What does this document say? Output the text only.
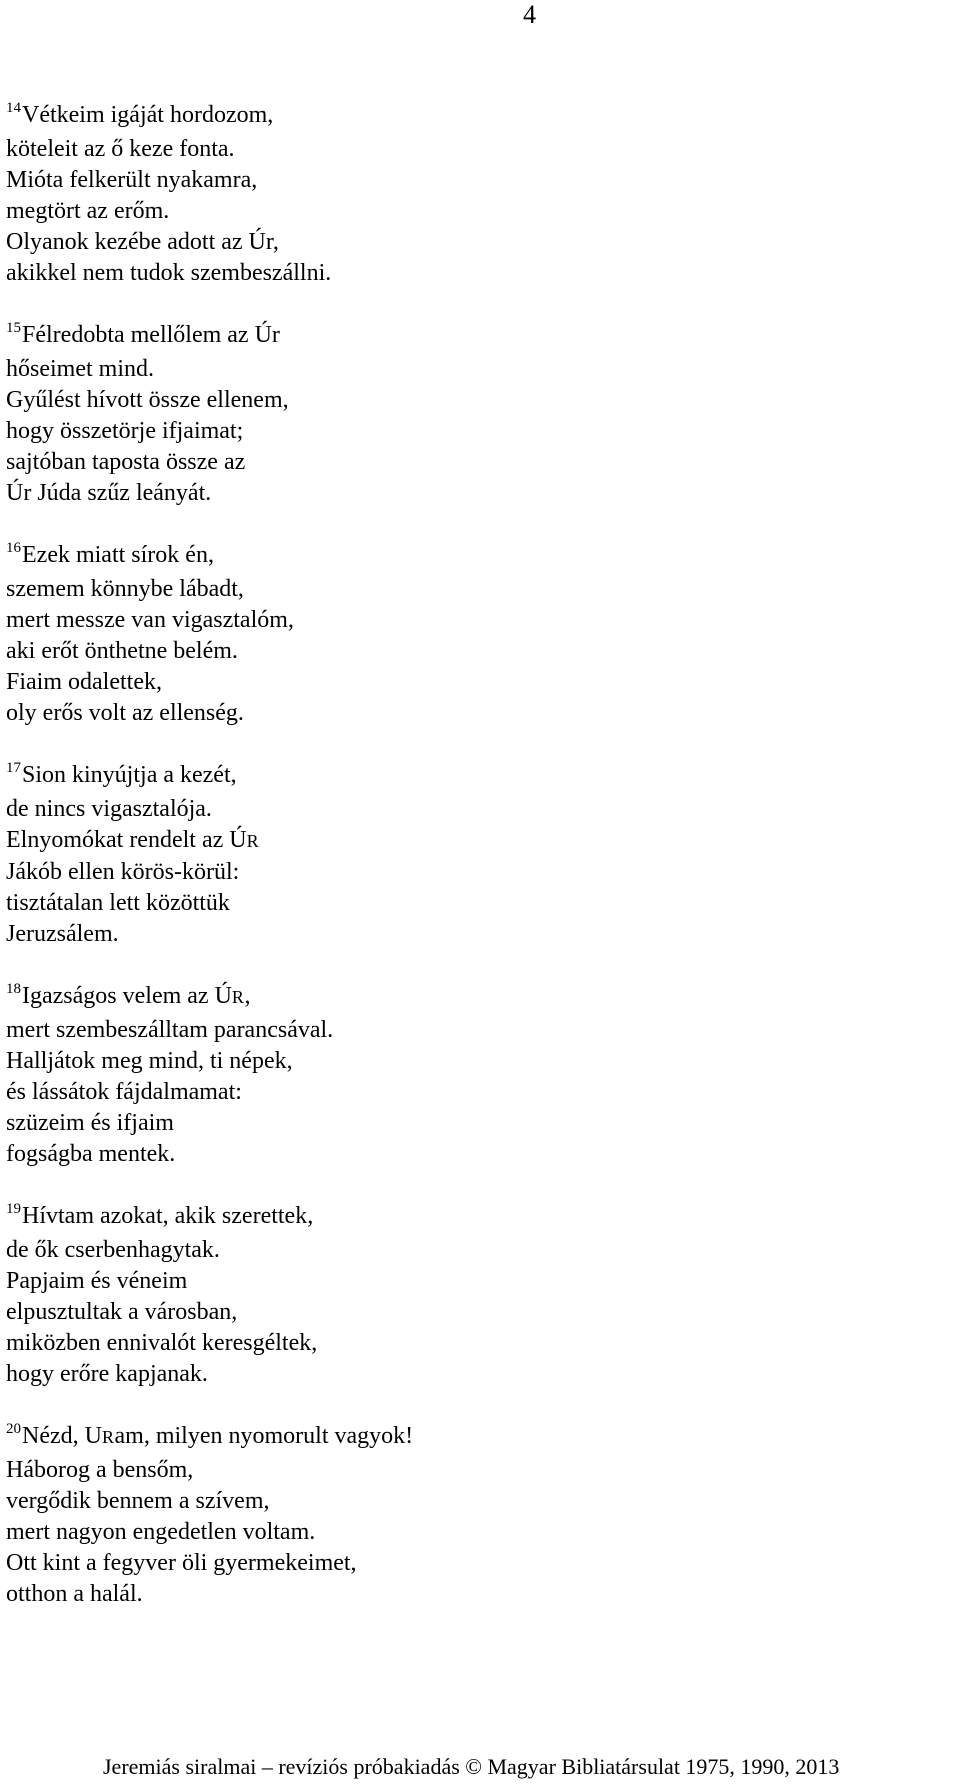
4
$^{14}$Vétkeim igáját hordozom,
köteleit az ő keze fonta.
Mióta felkerült nyakamra,
megtört az erőm.
Olyanok kezébe adott az Úr,
akikkel nem tudok szembeszállni.
$^{15}$Félredobta mellőlem az Úr
hőseimet mind.
Gyűlést hívott össze ellenem,
hogy összetörje ifjaimat;
sajtóban taposta össze az
Úr Júda szűz leányát.
$^{16}$Ezek miatt sírok én,
szemem könnybe lábadt,
mert messze van vigasztalóm,
aki erőt önthetne belém.
Fiaim odalettek,
oly erős volt az ellenség.
$^{17}$Sion kinyújtja a kezét,
de nincs vigasztalója.
Elnyomókat rendelt az ÚR
Jákób ellen körös-körül:
tisztátalan lett közöttük
Jeruzsálem.
$^{18}$Igazságos velem az ÚR,
mert szembeszálltam parancsával.
Halljátok meg mind, ti népek,
és lássátok fájdalmamat:
szüzeim és ifjaim
fogságba mentek.
$^{19}$Hívtam azokat, akik szerettek,
de ők cserbenhagytak.
Papjaim és véneim
elpusztultak a városban,
miközben ennivalót keresgéltek,
hogy erőre kapjanak.
$^{20}$Nézd, URam, milyen nyomorult vagyok!
Háborog a bensőm,
vergődik bennem a szívem,
mert nagyon engedetlen voltam.
Ott kint a fegyver öli gyermekeimet,
otthon a halál.
Jeremiás siralmai – revíziós próbakiadás © Magyar Bibliatársulat 1975, 1990, 2013
